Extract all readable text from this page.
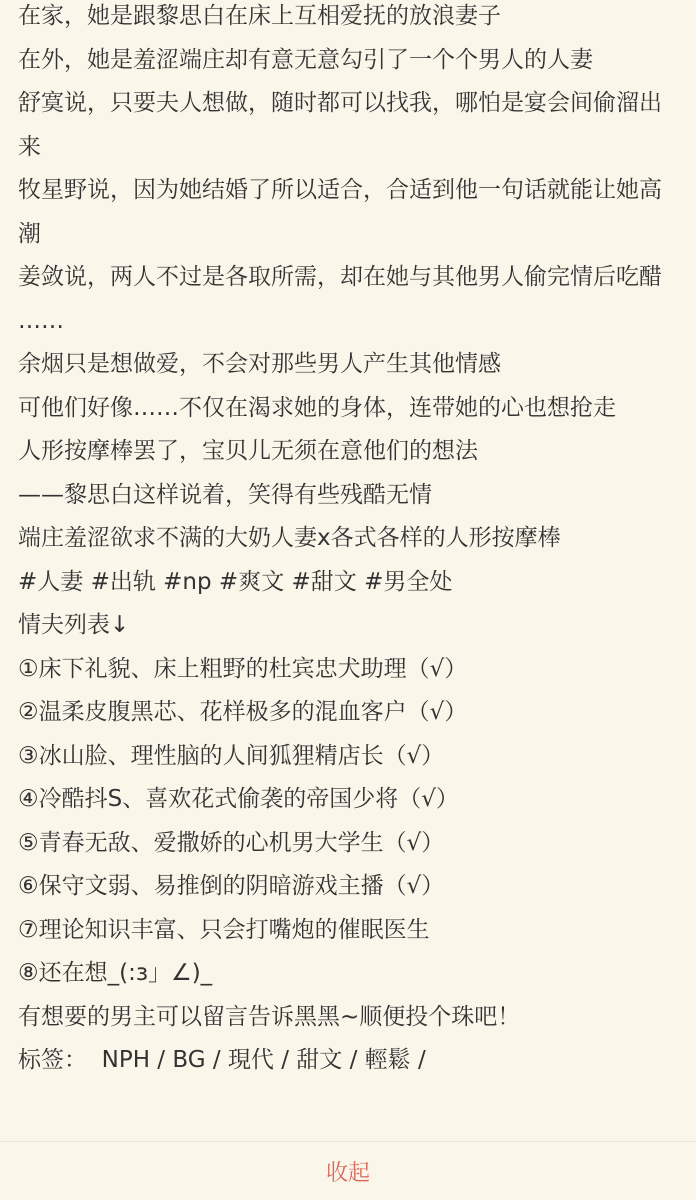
在家，她是跟黎思白在床上互相爱抚的放浪妻子

在外，她是羞涩端庄却有意无意勾引了一个个男人的人妻

舒寞说，只要夫人想做，随时都可以找我，哪怕是宴会间偷溜出来

牧星野说，因为她结婚了所以适合，合适到他一句话就能让她高潮

姜敛说，两人不过是各取所需，却在她与其他男人偷完情后吃醋

……

余烟只是想做爱，不会对那些男人产生其他情感

可他们好像……不仅在渴求她的身体，连带她的心也想抢走

人形按摩棒罢了，宝贝儿无须在意他们的想法

——黎思白这样说着，笑得有些残酷无情

端庄羞涩欲求不满的大奶人妻x各式各样的人形按摩棒

#人妻 #出轨 #np #爽文 #甜文 #男全处

情夫列表↓

①床下礼貌、床上粗野的杜宾忠犬助理（√）

②温柔皮腹黑芯、花样极多的混血客户（√）

③冰山脸、理性脑的人间狐狸精店长（√）

④冷酷抖S、喜欢花式偷袭的帝国少将（√）

⑤青春无敌、爱撒娇的心机男大学生（√）

⑥保守文弱、易推倒的阴暗游戏主播（√）

⑦理论知识丰富、只会打嘴炮的催眠医生

⑧还在想_(:з」∠)_

有想要的男主可以留言告诉黑黑~顺便投个珠吧！

标签：  NPH / BG / 現代 / 甜文 / 輕鬆 /

收起
